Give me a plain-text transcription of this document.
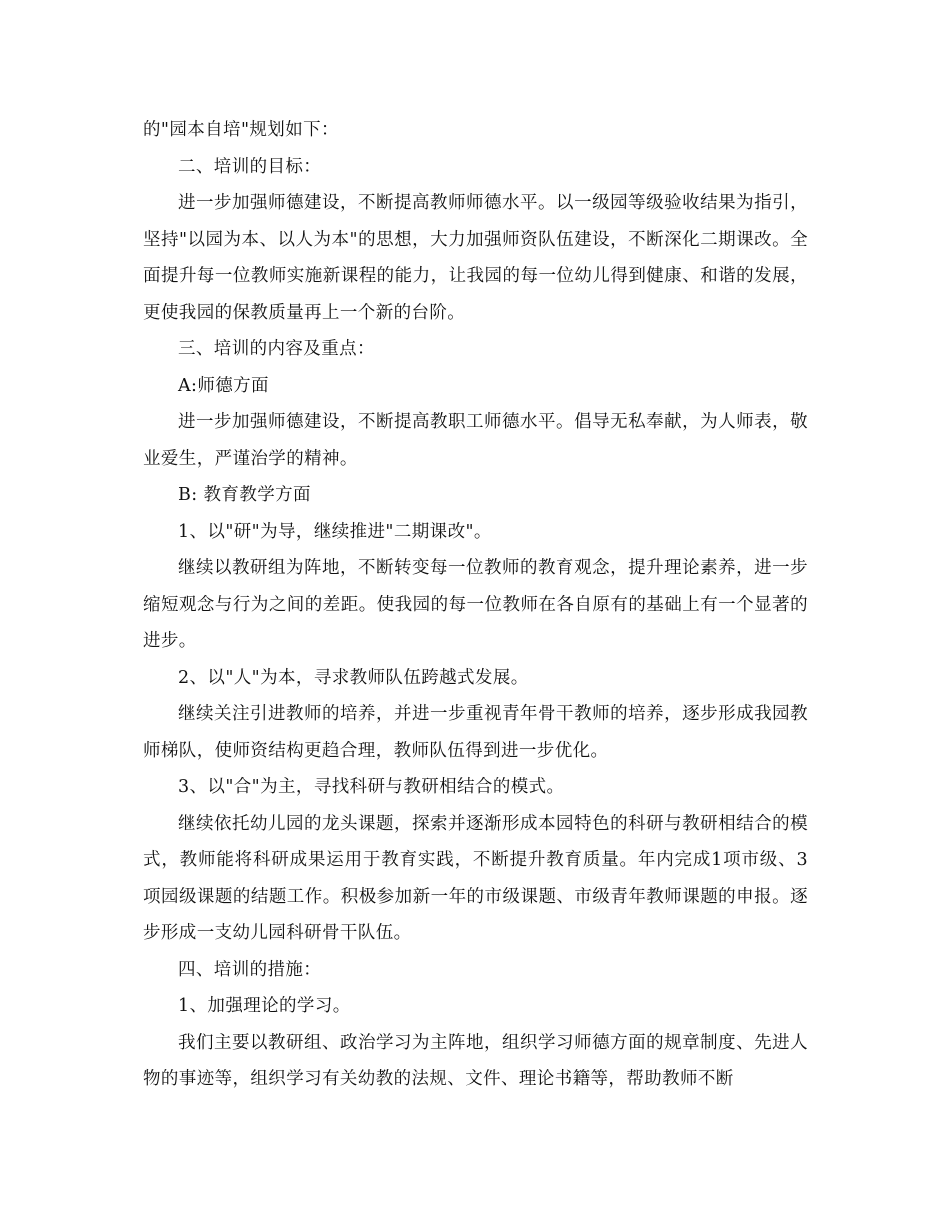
的"园本自培"规划如下：

二、培训的目标：

进一步加强师德建设，不断提高教师师德水平。以一级园等级验收结果为指引，坚持"以园为本、以人为本"的思想，大力加强师资队伍建设，不断深化二期课改。全面提升每一位教师实施新课程的能力，让我园的每一位幼儿得到健康、和谐的发展，更使我园的保教质量再上一个新的台阶。

三、培训的内容及重点：

A:师德方面

进一步加强师德建设，不断提高教职工师德水平。倡导无私奉献，为人师表，敬业爱生，严谨治学的精神。

B: 教育教学方面

1、以"研"为导，继续推进"二期课改"。

继续以教研组为阵地，不断转变每一位教师的教育观念，提升理论素养，进一步缩短观念与行为之间的差距。使我园的每一位教师在各自原有的基础上有一个显著的进步。

2、以"人"为本，寻求教师队伍跨越式发展。

继续关注引进教师的培养，并进一步重视青年骨干教师的培养，逐步形成我园教师梯队，使师资结构更趋合理，教师队伍得到进一步优化。

3、以"合"为主，寻找科研与教研相结合的模式。

继续依托幼儿园的龙头课题，探索并逐渐形成本园特色的科研与教研相结合的模式，教师能将科研成果运用于教育实践，不断提升教育质量。年内完成1项市级、3项园级课题的结题工作。积极参加新一年的市级课题、市级青年教师课题的申报。逐步形成一支幼儿园科研骨干队伍。

四、培训的措施：

1、加强理论的学习。

我们主要以教研组、政治学习为主阵地，组织学习师德方面的规章制度、先进人物的事迹等，组织学习有关幼教的法规、文件、理论书籍等，帮助教师不断
